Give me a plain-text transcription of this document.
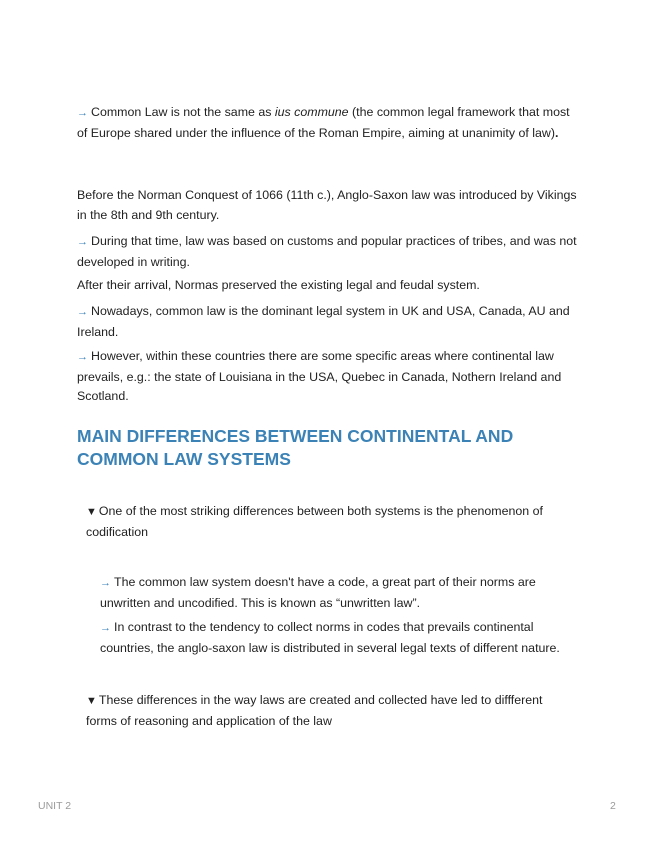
→ Common Law is not the same as ius commune (the common legal framework that most of Europe shared under the influence of the Roman Empire, aiming at unanimity of law).

Before the Norman Conquest of 1066 (11th c.), Anglo-Saxon law was introduced by Vikings in the 8th and 9th century.

→ During that time, law was based on customs and popular practices of tribes, and was not developed in writing.

After their arrival, Normas preserved the existing legal and feudal system.

→ Nowadays, common law is the dominant legal system in UK and USA, Canada, AU and Ireland.

→ However, within these countries there are some specific areas where continental law prevails, e.g.: the state of Louisiana in the USA, Quebec in Canada, Nothern Ireland and Scotland.

MAIN DIFFERENCES BETWEEN CONTINENTAL AND COMMON LAW SYSTEMS

▼ One of the most striking differences between both systems is the phenomenon of codification

→ The common law system doesn't have a code, a great part of their norms are unwritten and uncodified. This is known as “unwritten law”.

→ In contrast to the tendency to collect norms in codes that prevails continental countries, the anglo-saxon law is distributed in several legal texts of different nature.

▼ These differences in the way laws are created and collected have led to diffferent forms of reasoning and application of the law

UNIT 2	2
